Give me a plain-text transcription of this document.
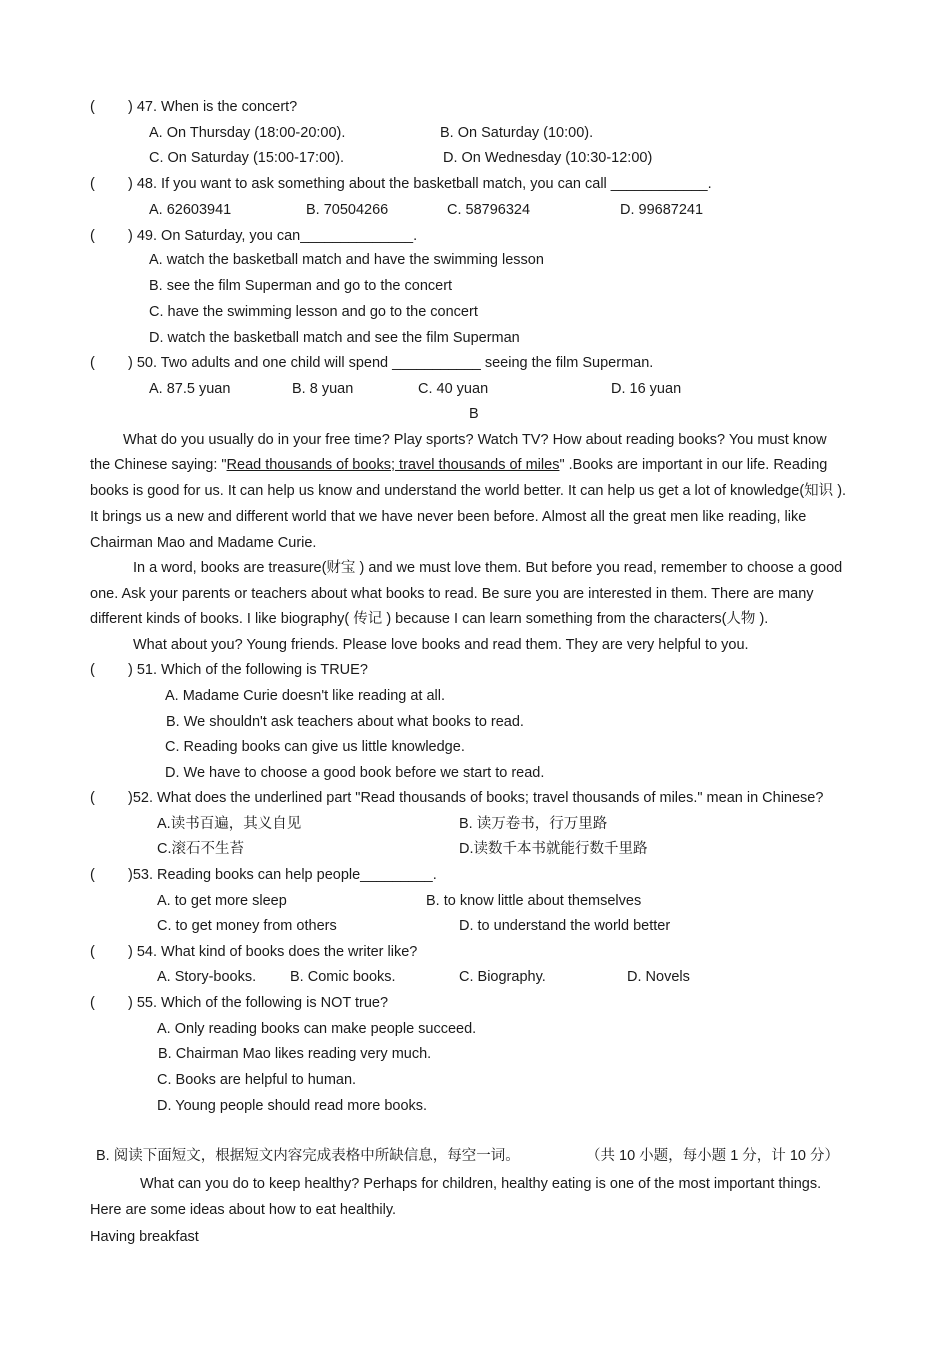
( ) 47. When is the concert?
A. On Thursday (18:00-20:00).	B. On Saturday (10:00).
C. On Saturday (15:00-17:00).	D. On Wednesday (10:30-12:00)
( ) 48. If you want to ask something about the basketball match, you can call ____________.
A. 62603941	B. 70504266	C. 58796324	D. 99687241
( ) 49. On Saturday, you can______________.
A. watch the basketball match and have the swimming lesson
B. see the film Superman and go to the concert
C. have the swimming lesson and go to the concert
D. watch the basketball match and see the film Superman
( ) 50. Two adults and one child will spend ___________ seeing the film Superman.
A. 87.5 yuan	B. 8 yuan	C. 40 yuan	D. 16 yuan
B
What do you usually do in your free time? Play sports? Watch TV? How about reading books? You must know
the Chinese saying: "Read thousands of books; travel thousands of miles" .Books are important in our life. Reading
books is good for us. It can help us know and understand the world better. It can help us get a lot of knowledge(知识 ).
It brings us a new and different world that we have never been before. Almost all the great men like reading, like
Chairman Mao and Madame Curie.
In a word, books are treasure(财宝 ) and we must love them. But before you read, remember to choose a good
one. Ask your parents or teachers about what books to read. Be sure you are interested in them. There are many
different kinds of books. I like biography( 传记 ) because I can learn something from the characters(人物 ).
What about you? Young friends. Please love books and read them. They are very helpful to you.
( ) 51. Which of the following is TRUE?
A. Madame Curie doesn't like reading at all.
B. We shouldn't ask teachers about what books to read.
C. Reading books can give us little knowledge.
D. We have to choose a good book before we start to read.
( )52. What does the underlined part "Read thousands of books; travel thousands of miles." mean in Chinese?
A.读书百遍，其义自见	B. 读万卷书，行万里路
C.滚石不生苔	D.读数千本书就能行数千里路
( )53. Reading books can help people_________.
A. to get more sleep	B. to know little about themselves
C. to get money from others	D. to understand the world better
( ) 54. What kind of books does the writer like?
A. Story-books. B. Comic books.	C. Biography.	D. Novels
( ) 55. Which of the following is NOT true?
A. Only reading books can make people succeed.
B. Chairman Mao likes reading very much.
C. Books are helpful to human.
D. Young people should read more books.
B. 阅读下面短文，根据短文内容完成表格中所缺信息，每空一词。	（共 10 小题，每小题 1 分，计 10 分）
What can you do to keep healthy? Perhaps for children, healthy eating is one of the most important things.
Here are some ideas about how to eat healthily.
Having breakfast
